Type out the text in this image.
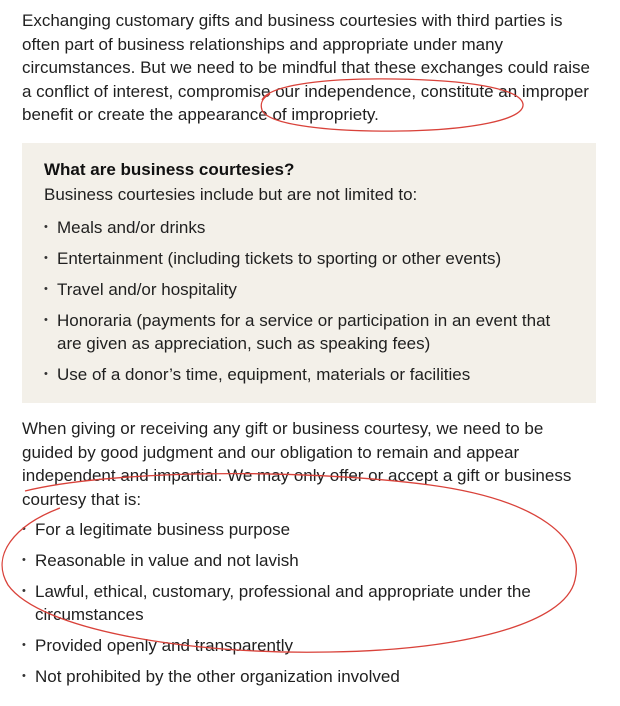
Exchanging customary gifts and business courtesies with third parties is often part of business relationships and appropriate under many circumstances. But we need to be mindful that these exchanges could raise a conflict of interest, compromise our independence, constitute an improper benefit or create the appearance of impropriety.

What are business courtesies?

Business courtesies include but are not limited to:

• Meals and/or drinks
• Entertainment (including tickets to sporting or other events)
• Travel and/or hospitality
• Honoraria (payments for a service or participation in an event that are given as appreciation, such as speaking fees)
• Use of a donor’s time, equipment, materials or facilities

When giving or receiving any gift or business courtesy, we need to be guided by good judgment and our obligation to remain and appear independent and impartial. We may only offer or accept a gift or business courtesy that is:

• For a legitimate business purpose
• Reasonable in value and not lavish
• Lawful, ethical, customary, professional and appropriate under the circumstances
• Provided openly and transparently
• Not prohibited by the other organization involved
